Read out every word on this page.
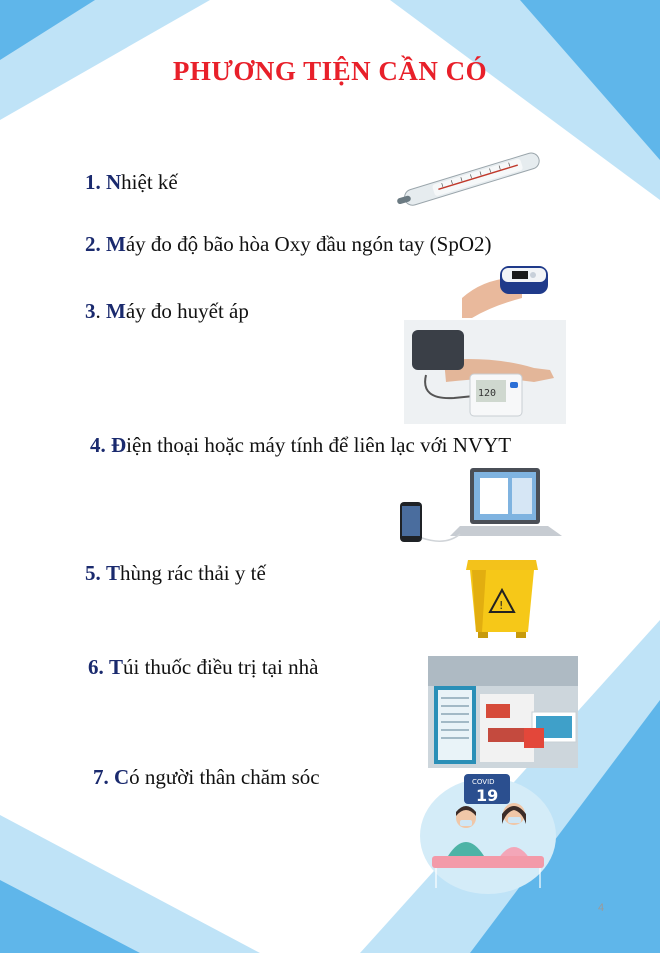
PHƯƠNG TIỆN CẦN CÓ
1. Nhiệt kế
2. Máy đo độ bão hòa Oxy đầu ngón tay (SpO2)
3. Máy đo huyết áp
4. Điện thoại hoặc máy tính để liên lạc với NVYT
5. Thùng rác thải y tế
6. Túi thuốc điều trị tại nhà
7. Có người thân chăm sóc
120
!
COVID
19
4
